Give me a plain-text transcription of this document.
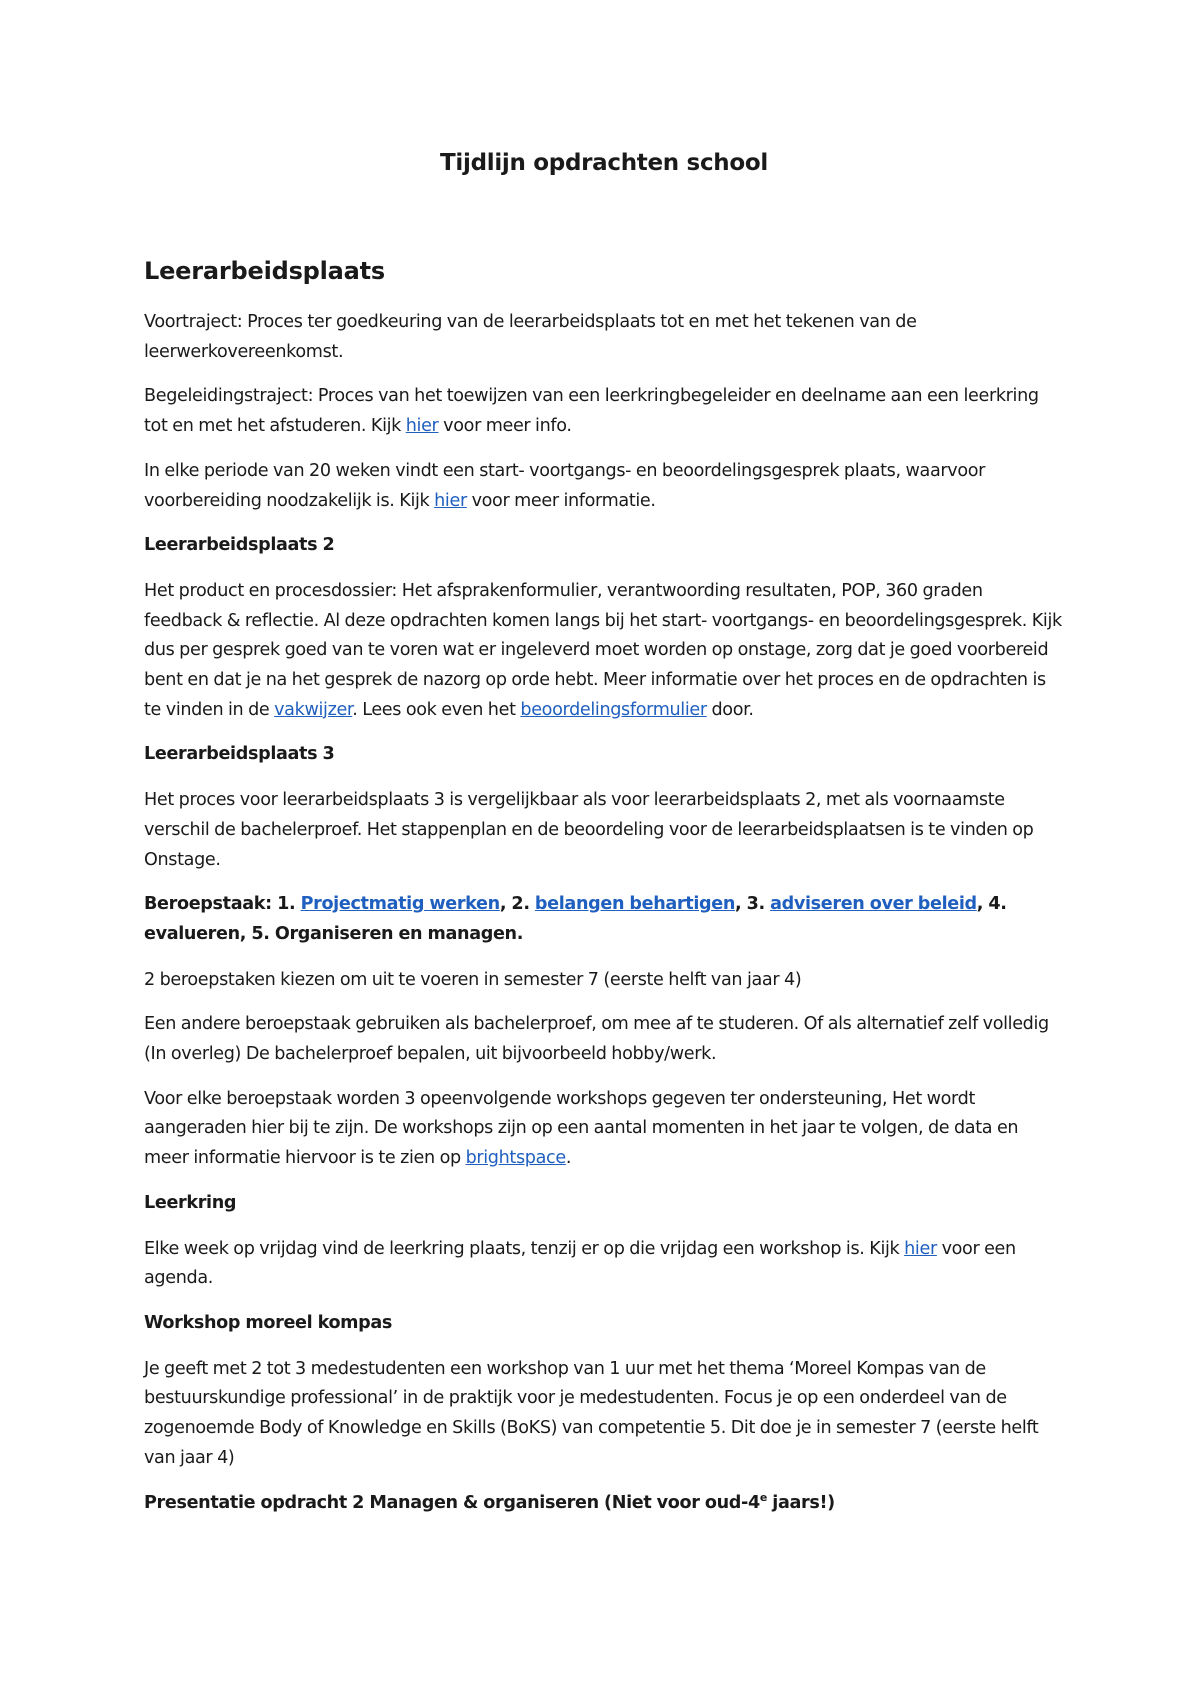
Tijdlijn opdrachten school
Leerarbeidsplaats

Voortraject: Proces ter goedkeuring van de leerarbeidsplaats tot en met het tekenen van de leerwerkovereenkomst.

Begeleidingstraject: Proces van het toewijzen van een leerkringbegeleider en deelname aan een leerkring tot en met het afstuderen. Kijk hier voor meer info.

In elke periode van 20 weken vindt een start- voortgangs- en beoordelingsgesprek plaats, waarvoor voorbereiding noodzakelijk is. Kijk hier voor meer informatie.

Leerarbeidsplaats 2

Het product en procesdossier: Het afsprakenformulier, verantwoording resultaten, POP, 360 graden feedback & reflectie. Al deze opdrachten komen langs bij het start- voortgangs- en beoordelingsgesprek. Kijk dus per gesprek goed van te voren wat er ingeleverd moet worden op onstage, zorg dat je goed voorbereid bent en dat je na het gesprek de nazorg op orde hebt. Meer informatie over het proces en de opdrachten is te vinden in de vakwijzer. Lees ook even het beoordelingsformulier door.

Leerarbeidsplaats 3

Het proces voor leerarbeidsplaats 3 is vergelijkbaar als voor leerarbeidsplaats 2, met als voornaamste verschil de bachelerproef. Het stappenplan en de beoordeling voor de leerarbeidsplaatsen is te vinden op Onstage.

Beroepstaak: 1. Projectmatig werken, 2. belangen behartigen, 3. adviseren over beleid, 4. evalueren, 5. Organiseren en managen.

2 beroepstaken kiezen om uit te voeren in semester 7 (eerste helft van jaar 4)

Een andere beroepstaak gebruiken als bachelerproef, om mee af te studeren. Of als alternatief zelf volledig (In overleg) De bachelerproef bepalen, uit bijvoorbeeld hobby/werk.

Voor elke beroepstaak worden 3 opeenvolgende workshops gegeven ter ondersteuning, Het wordt aangeraden hier bij te zijn. De workshops zijn op een aantal momenten in het jaar te volgen, de data en meer informatie hiervoor is te zien op brightspace.

Leerkring

Elke week op vrijdag vind de leerkring plaats, tenzij er op die vrijdag een workshop is. Kijk hier voor een agenda.

Workshop moreel kompas

Je geeft met 2 tot 3 medestudenten een workshop van 1 uur met het thema ‘Moreel Kompas van de bestuurskundige professional’ in de praktijk voor je medestudenten. Focus je op een onderdeel van de zogenoemde Body of Knowledge en Skills (BoKS) van competentie 5. Dit doe je in semester 7 (eerste helft van jaar 4)

Presentatie opdracht 2 Managen & organiseren (Niet voor oud-4e jaars!)
